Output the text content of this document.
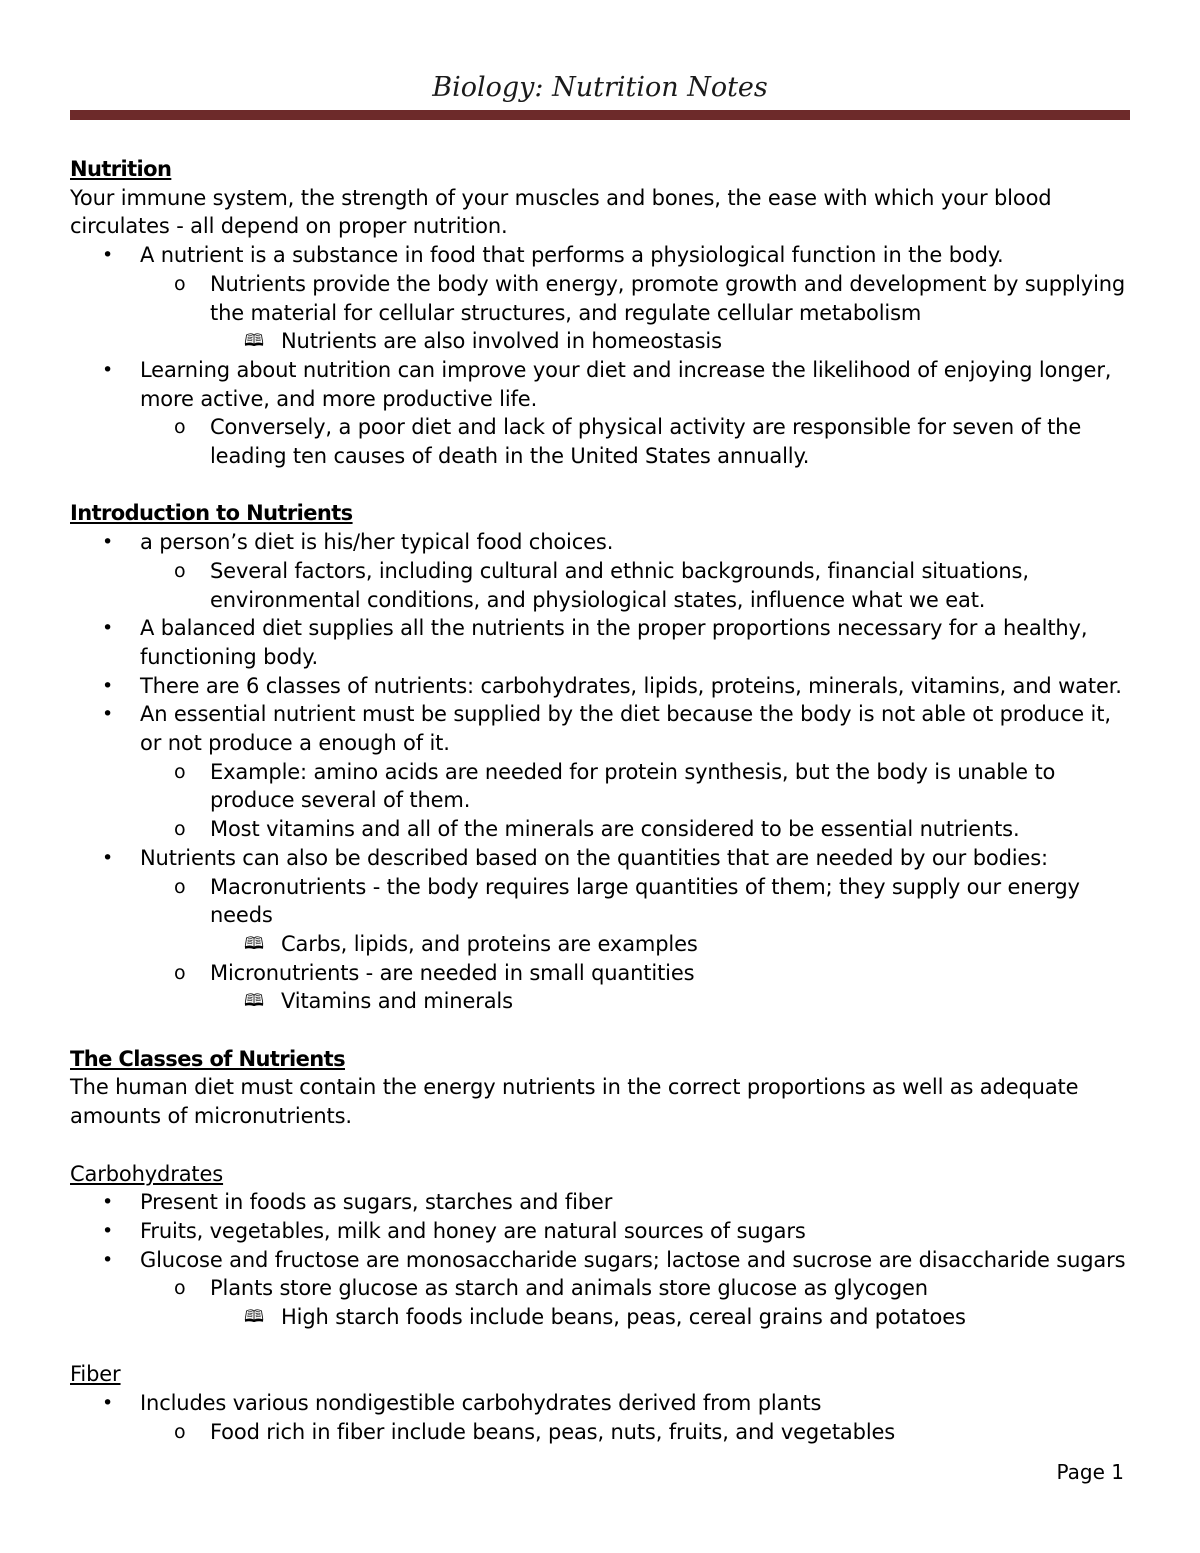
Biology: Nutrition Notes

Nutrition

Your immune system, the strength of your muscles and bones, the ease with which your blood

circulates - all depend on proper nutrition.

• A nutrient is a substance in food that performs a physiological function in the body.
o Nutrients provide the body with energy, promote growth and development by supplying
the material for cellular structures, and regulate cellular metabolism
🕮 Nutrients are also involved in homeostasis
• Learning about nutrition can improve your diet and increase the likelihood of enjoying longer,
more active, and more productive life.
o Conversely, a poor diet and lack of physical activity are responsible for seven of the
leading ten causes of death in the United States annually.

Introduction to Nutrients

• a person’s diet is his/her typical food choices.
o Several factors, including cultural and ethnic backgrounds, financial situations,
environmental conditions, and physiological states, influence what we eat.
• A balanced diet supplies all the nutrients in the proper proportions necessary for a healthy,
functioning body.
• There are 6 classes of nutrients: carbohydrates, lipids, proteins, minerals, vitamins, and water.
• An essential nutrient must be supplied by the diet because the body is not able ot produce it,
or not produce a enough of it.
o Example: amino acids are needed for protein synthesis, but the body is unable to
produce several of them.
o Most vitamins and all of the minerals are considered to be essential nutrients.
• Nutrients can also be described based on the quantities that are needed by our bodies:
o Macronutrients - the body requires large quantities of them; they supply our energy
needs
🕮 Carbs, lipids, and proteins are examples
o Micronutrients - are needed in small quantities
🕮 Vitamins and minerals

The Classes of Nutrients

The human diet must contain the energy nutrients in the correct proportions as well as adequate

amounts of micronutrients.

Carbohydrates

• Present in foods as sugars, starches and fiber
• Fruits, vegetables, milk and honey are natural sources of sugars
• Glucose and fructose are monosaccharide sugars; lactose and sucrose are disaccharide sugars
o Plants store glucose as starch and animals store glucose as glycogen
🕮 High starch foods include beans, peas, cereal grains and potatoes

Fiber

• Includes various nondigestible carbohydrates derived from plants
o Food rich in fiber include beans, peas, nuts, fruits, and vegetables
Page 1
